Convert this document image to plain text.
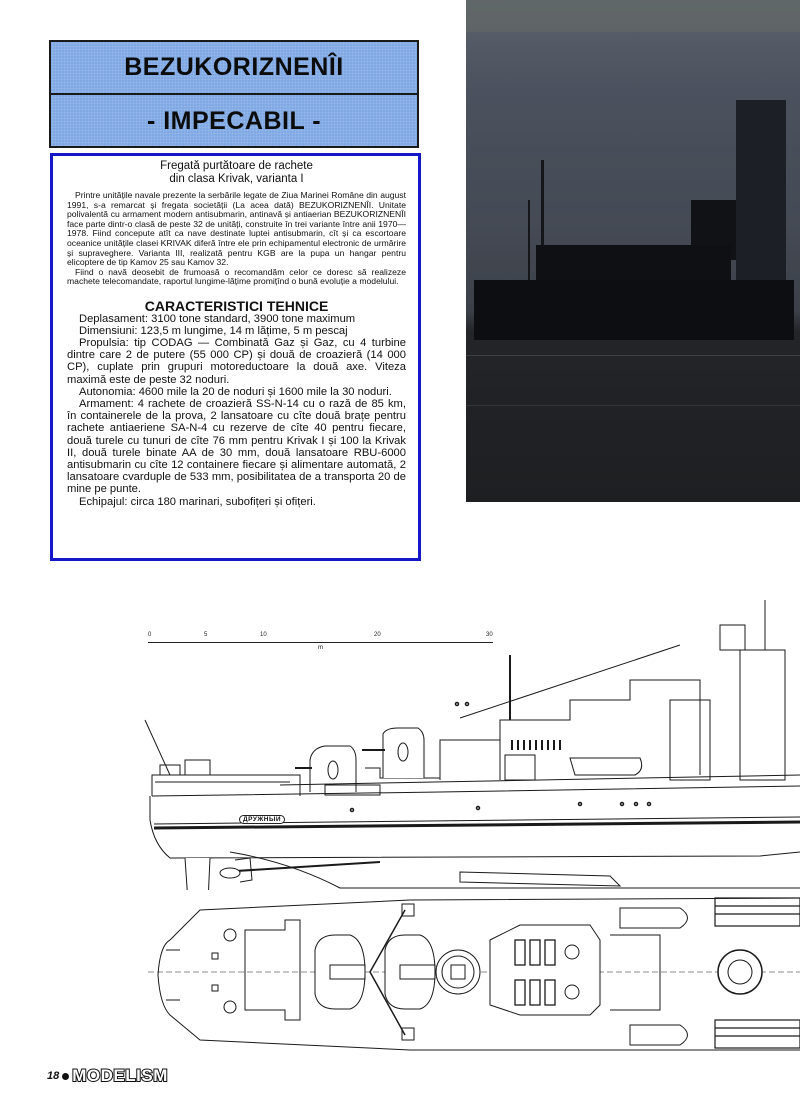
BEZUKORIZNENÎI
- IMPECABIL -
Fregată purtătoare de rachete
din clasa Krivak, varianta I

Printre unitățile navale prezente la serbările legate de Ziua Marinei Române din august 1991, s-a remarcat și fregata societății (La acea dată) BEZUKORIZNENÎI. Unitate polivalentă cu armament modern antisubmarin, antinavă și antiaerian BEZUKORIZNENÎI face parte dintr-o clasă de peste 32 de unități, construite în trei variante între anii 1970—1978. Fiind concepute atît ca nave destinate luptei antisubmarin, cît și ca escortoare oceanice unitățile clasei KRIVAK diferă între ele prin echipamentul electronic de urmărire și supraveghere. Varianta III, realizată pentru KGB are la pupa un hangar pentru elicoptere de tip Kamov 25 sau Kamov 32.

Fiind o navă deosebit de frumoasă o recomandăm celor ce doresc să realizeze machete telecomandate, raportul lungime-lățime promițînd o bună evoluție a modelului.

CARACTERISTICI TEHNICE

Deplasament: 3100 tone standard, 3900 tone maximum

Dimensiuni: 123,5 m lungime, 14 m lățime, 5 m pescaj

Propulsia: tip CODAG — Combinată Gaz și Gaz, cu 4 turbine dintre care 2 de putere (55 000 CP) și două de croazieră (14 000 CP), cuplate prin grupuri motoreductoare la două axe. Viteza maximă este de peste 32 noduri.

Autonomia: 4600 mile la 20 de noduri și 1600 mile la 30 noduri.

Armament: 4 rachete de croazieră SS-N-14 cu o rază de 85 km, în containerele de la prova, 2 lansatoare cu cîte două brațe pentru rachete antiaeriene SA-N-4 cu rezerve de cîte 40 pentru fiecare, două turele cu tunuri de cîte 76 mm pentru Krivak I și 100 la Krivak II, două turele binate AA de 30 mm, două lansatoare RBU-6000 antisubmarin cu cîte 12 containere fiecare și alimentare automată, 2 lansatoare cvarduple de 533 mm, posibilitatea de a transporta 20 de mine pe punte.

Echipajul: circa 180 marinari, subofițeri și ofițeri.

0	5	10	20	30
m
ДРУЖНЫЙ
18 MODELISM
